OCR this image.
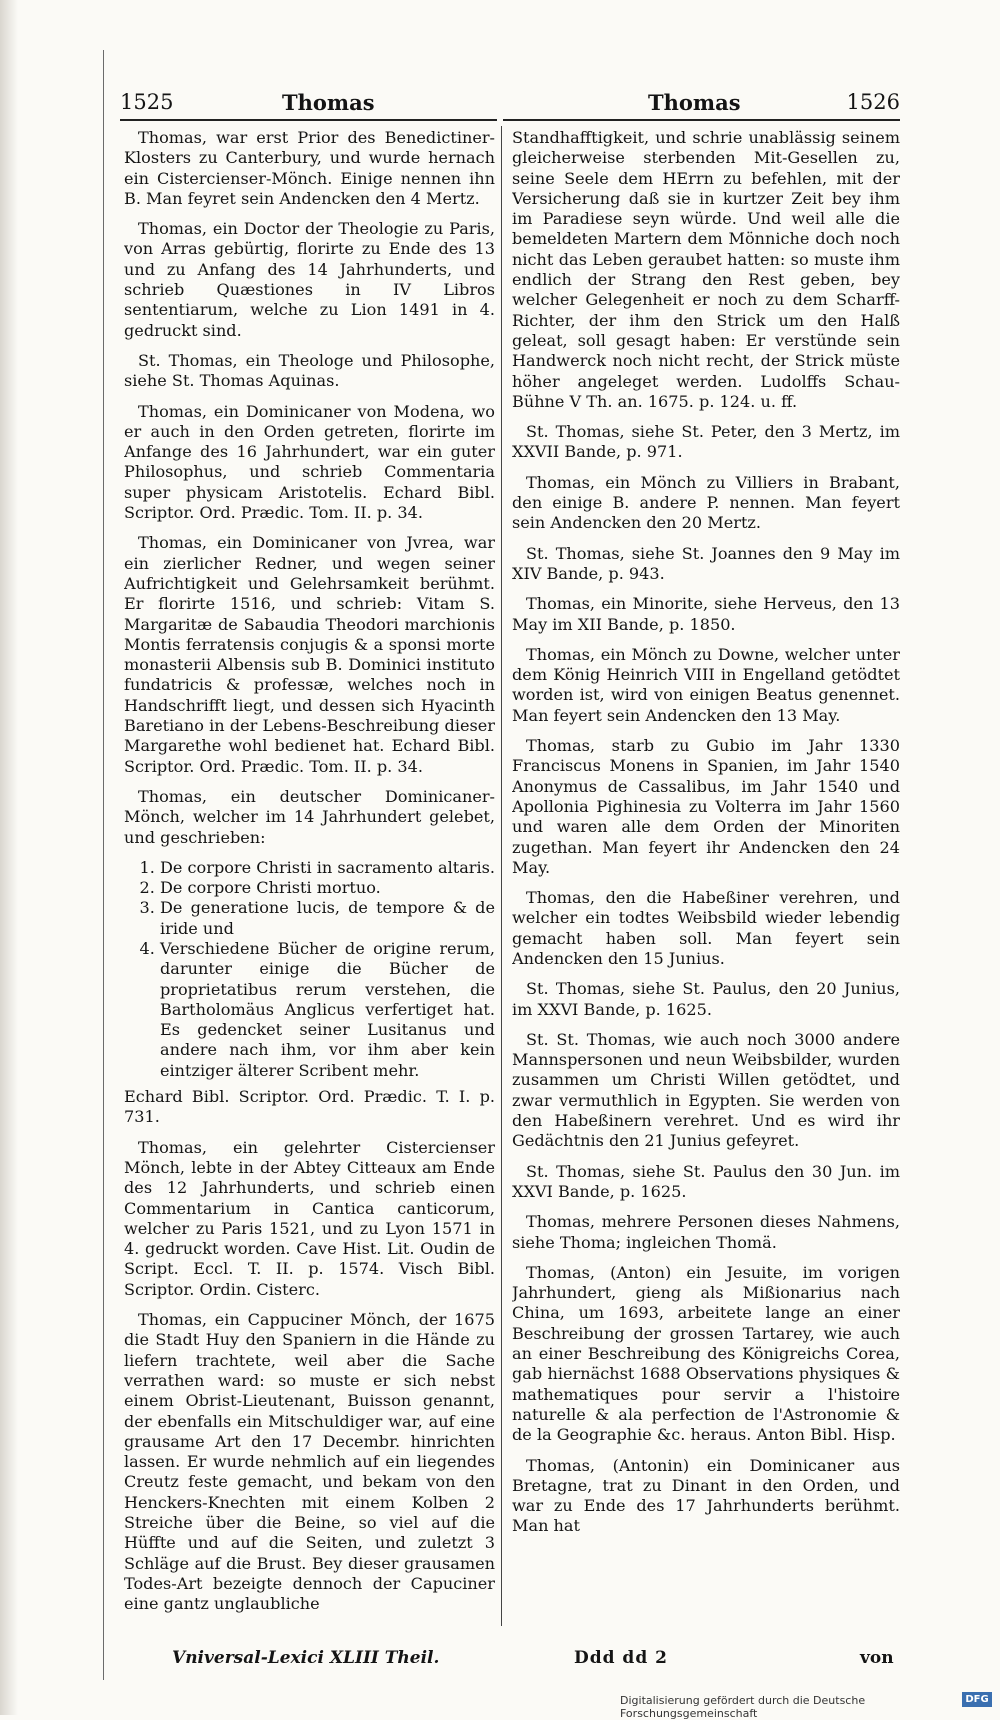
1525	Thomas	Thomas	1526

Thomas, war erst Prior des Benedictiner-Klosters zu Canterbury, und wurde hernach ein Cistercienser-Mönch. Einige nennen ihn B. Man feyret sein Andencken den 4 Mertz.

Thomas, ein Doctor der Theologie zu Paris, von Arras gebürtig, florirte zu Ende des 13 und zu Anfang des 14 Jahrhunderts, und schrieb Quæstiones in IV Libros sententiarum, welche zu Lion 1491 in 4. gedruckt sind.

St. Thomas, ein Theologe und Philosophe, siehe St. Thomas Aquinas.

Thomas, ein Dominicaner von Modena, wo er auch in den Orden getreten, florirte im Anfange des 16 Jahrhundert, war ein guter Philosophus, und schrieb Commentaria super physicam Aristotelis. Echard Bibl. Scriptor. Ord. Prædic. Tom. II. p. 34.

Thomas, ein Dominicaner von Jvrea, war ein zierlicher Redner, und wegen seiner Aufrichtigkeit und Gelehrsamkeit berühmt. Er florirte 1516, und schrieb: Vitam S. Margaritæ de Sabaudia Theodori marchionis Montis ferratensis conjugis & a sponsi morte monasterii Albensis sub B. Dominici instituto fundatricis & professæ, welches noch in Handschrifft liegt, und dessen sich Hyacinth Baretiano in der Lebens-Beschreibung dieser Margarethe wohl bedienet hat. Echard Bibl. Scriptor. Ord. Prædic. Tom. II. p. 34.

Thomas, ein deutscher Dominicaner-Mönch, welcher im 14 Jahrhundert gelebet, und geschrieben:

1. De corpore Christi in sacramento altaris.
2. De corpore Christi mortuo.
3. De generatione lucis, de tempore & de iride und
4. Verschiedene Bücher de origine rerum, darunter einige die Bücher de proprietatibus rerum verstehen, die Bartholomäus Anglicus verfertiget hat. Es gedencket seiner Lusitanus und andere nach ihm, vor ihm aber kein eintziger älterer Scribent mehr.

Echard Bibl. Scriptor. Ord. Prædic. T. I. p. 731.

Thomas, ein gelehrter Cistercienser Mönch, lebte in der Abtey Citteaux am Ende des 12 Jahrhunderts, und schrieb einen Commentarium in Cantica canticorum, welcher zu Paris 1521, und zu Lyon 1571 in 4. gedruckt worden. Cave Hist. Lit. Oudin de Script. Eccl. T. II. p. 1574. Visch Bibl. Scriptor. Ordin. Cisterc.

Thomas, ein Cappuciner Mönch, der 1675 die Stadt Huy den Spaniern in die Hände zu liefern trachtete, weil aber die Sache verrathen ward: so muste er sich nebst einem Obrist-Lieutenant, Buisson genannt, der ebenfalls ein Mitschuldiger war, auf eine grausame Art den 17 Decembr. hinrichten lassen. Er wurde nehmlich auf ein liegendes Creutz feste gemacht, und bekam von den Henckers-Knechten mit einem Kolben 2 Streiche über die Beine, so viel auf die Hüffte und auf die Seiten, und zuletzt 3 Schläge auf die Brust. Bey dieser grausamen Todes-Art bezeigte dennoch der Capuciner eine gantz unglaubliche

Standhafftigkeit, und schrie unablässig seinem gleicherweise sterbenden Mit-Gesellen zu, seine Seele dem HErrn zu befehlen, mit der Versicherung daß sie in kurtzer Zeit bey ihm im Paradiese seyn würde. Und weil alle die bemeldeten Martern dem Mönniche doch noch nicht das Leben geraubet hatten: so muste ihm endlich der Strang den Rest geben, bey welcher Gelegenheit er noch zu dem Scharff-Richter, der ihm den Strick um den Halß geleat, soll gesagt haben: Er verstünde sein Handwerck noch nicht recht, der Strick müste höher angeleget werden. Ludolffs Schau-Bühne V Th. an. 1675. p. 124. u. ff.

St. Thomas, siehe St. Peter, den 3 Mertz, im XXVII Bande, p. 971.

Thomas, ein Mönch zu Villiers in Brabant, den einige B. andere P. nennen. Man feyert sein Andencken den 20 Mertz.

St. Thomas, siehe St. Joannes den 9 May im XIV Bande, p. 943.

Thomas, ein Minorite, siehe Herveus, den 13 May im XII Bande, p. 1850.

Thomas, ein Mönch zu Downe, welcher unter dem König Heinrich VIII in Engelland getödtet worden ist, wird von einigen Beatus genennet. Man feyert sein Andencken den 13 May.

Thomas, starb zu Gubio im Jahr 1330 Franciscus Monens in Spanien, im Jahr 1540 Anonymus de Cassalibus, im Jahr 1540 und Apollonia Pighinesia zu Volterra im Jahr 1560 und waren alle dem Orden der Minoriten zugethan. Man feyert ihr Andencken den 24 May.

Thomas, den die Habeßiner verehren, und welcher ein todtes Weibsbild wieder lebendig gemacht haben soll. Man feyert sein Andencken den 15 Junius.

St. Thomas, siehe St. Paulus, den 20 Junius, im XXVI Bande, p. 1625.

St. St. Thomas, wie auch noch 3000 andere Mannspersonen und neun Weibsbilder, wurden zusammen um Christi Willen getödtet, und zwar vermuthlich in Egypten. Sie werden von den Habeßinern verehret. Und es wird ihr Gedächtnis den 21 Junius gefeyret.

St. Thomas, siehe St. Paulus den 30 Jun. im XXVI Bande, p. 1625.

Thomas, mehrere Personen dieses Nahmens, siehe Thoma; ingleichen Thomä.

Thomas, (Anton) ein Jesuite, im vorigen Jahrhundert, gieng als Mißionarius nach China, um 1693, arbeitete lange an einer Beschreibung der grossen Tartarey, wie auch an einer Beschreibung des Königreichs Corea, gab hiernächst 1688 Observations physiques & mathematiques pour servir a l'histoire naturelle & ala perfection de l'Astronomie & de la Geographie &c. heraus. Anton Bibl. Hisp.

Thomas, (Antonin) ein Dominicaner aus Bretagne, trat zu Dinant in den Orden, und war zu Ende des 17 Jahrhunderts berühmt. Man hat

Vniversal-Lexici XLIII Theil.	Ddd dd 2	von
Digitalisierung gefördert durch die Deutsche Forschungsgemeinschaft
DFG
